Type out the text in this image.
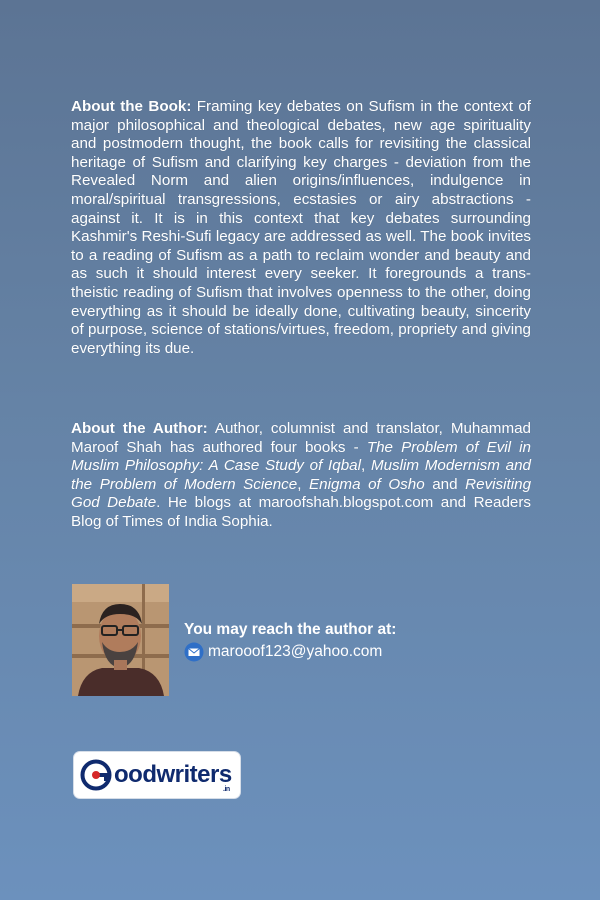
About the Book: Framing key debates on Sufism in the context of major philosophical and theological debates, new age spirituality and postmodern thought, the book calls for revisiting the classical heritage of Sufism and clarifying key charges - deviation from the Revealed Norm and alien origins/influences, indulgence in moral/spiritual transgressions, ecstasies or airy abstractions - against it. It is in this context that key debates surrounding Kashmir's Reshi-Sufi legacy are addressed as well. The book invites to a reading of Sufism as a path to reclaim wonder and beauty and as such it should interest every seeker. It foregrounds a trans-theistic reading of Sufism that involves openness to the other, doing everything as it should be ideally done, cultivating beauty, sincerity of purpose, science of stations/virtues, freedom, propriety and giving everything its due.

About the Author: Author, columnist and translator, Muhammad Maroof Shah has authored four books - The Problem of Evil in Muslim Philosophy: A Case Study of Iqbal, Muslim Modernism and the Problem of Modern Science, Enigma of Osho and Revisiting God Debate. He blogs at maroofshah.blogspot.com and Readers Blog of Times of India Sophia.

You may reach the author at:
marooof123@yahoo.com
oodwriters
.in
